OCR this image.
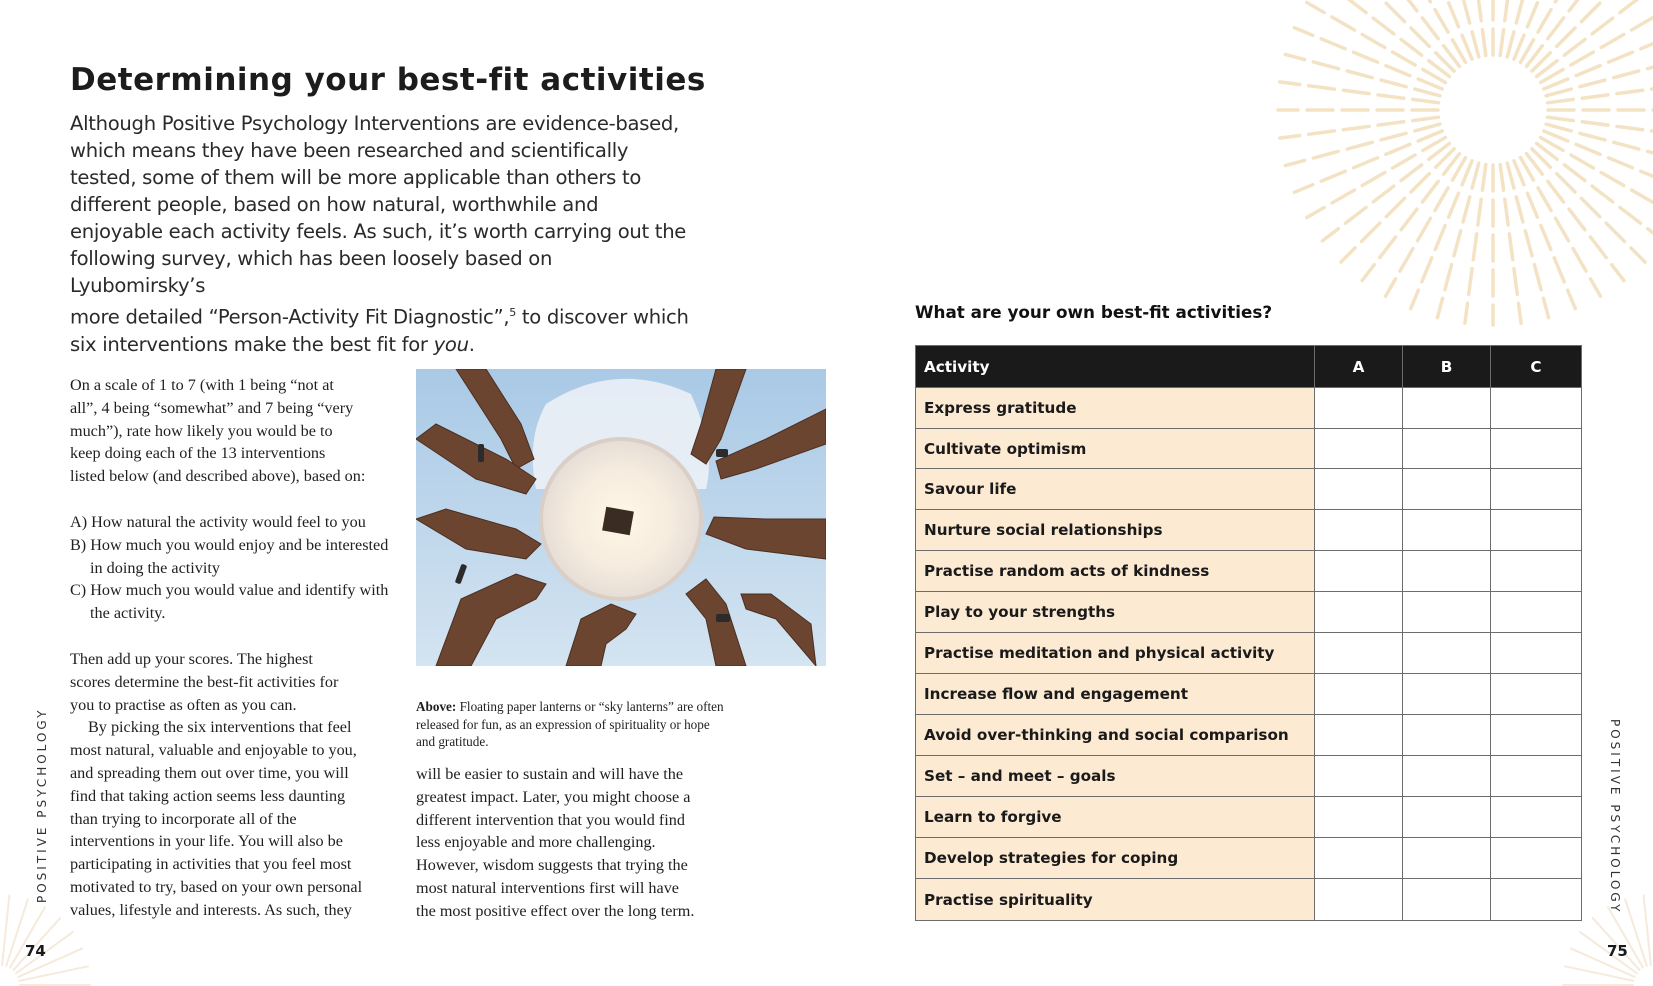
Determining your best-fit activities

Although Positive Psychology Interventions are evidence-based,
which means they have been researched and scientifically
tested, some of them will be more applicable than others to
different people, based on how natural, worthwhile and
enjoyable each activity feels. As such, it’s worth carrying out the
following survey, which has been loosely based on Lyubomirsky’s
more detailed “Person-Activity Fit Diagnostic”,$^5$ to discover which
six interventions make the best fit for you.

On a scale of 1 to 7 (with 1 being “not at

all”, 4 being “somewhat” and 7 being “very

much”), rate how likely you would be to

keep doing each of the 13 interventions

listed below (and described above), based on:

A) How natural the activity would feel to you

B) How much you would enjoy and be interested in doing the activity

C) How much you would value and identify with the activity.

Then add up your scores. The highest

scores determine the best-fit activities for

you to practise as often as you can.

By picking the six interventions that feel

most natural, valuable and enjoyable to you,

and spreading them out over time, you will

find that taking action seems less daunting

than trying to incorporate all of the

interventions in your life. You will also be

participating in activities that you feel most

motivated to try, based on your own personal

values, lifestyle and interests. As such, they

Above: Floating paper lanterns or “sky lanterns” are often released for fun, as an expression of spirituality or hope and gratitude.

will be easier to sustain and will have the

greatest impact. Later, you might choose a

different intervention that you would find

less enjoyable and more challenging.

However, wisdom suggests that trying the

most natural interventions first will have

the most positive effect over the long term.

What are your own best-fit activities?
Activity	A	B	C
Express gratitude			
Cultivate optimism			
Savour life			
Nurture social relationships			
Practise random acts of kindness			
Play to your strengths			
Practise meditation and physical activity			
Increase flow and engagement			
Avoid over-thinking and social comparison			
Set – and meet – goals			
Learn to forgive			
Develop strategies for coping			
Practise spirituality			
POSITIVE PSYCHOLOGY	POSITIVE PSYCHOLOGY
74	75
